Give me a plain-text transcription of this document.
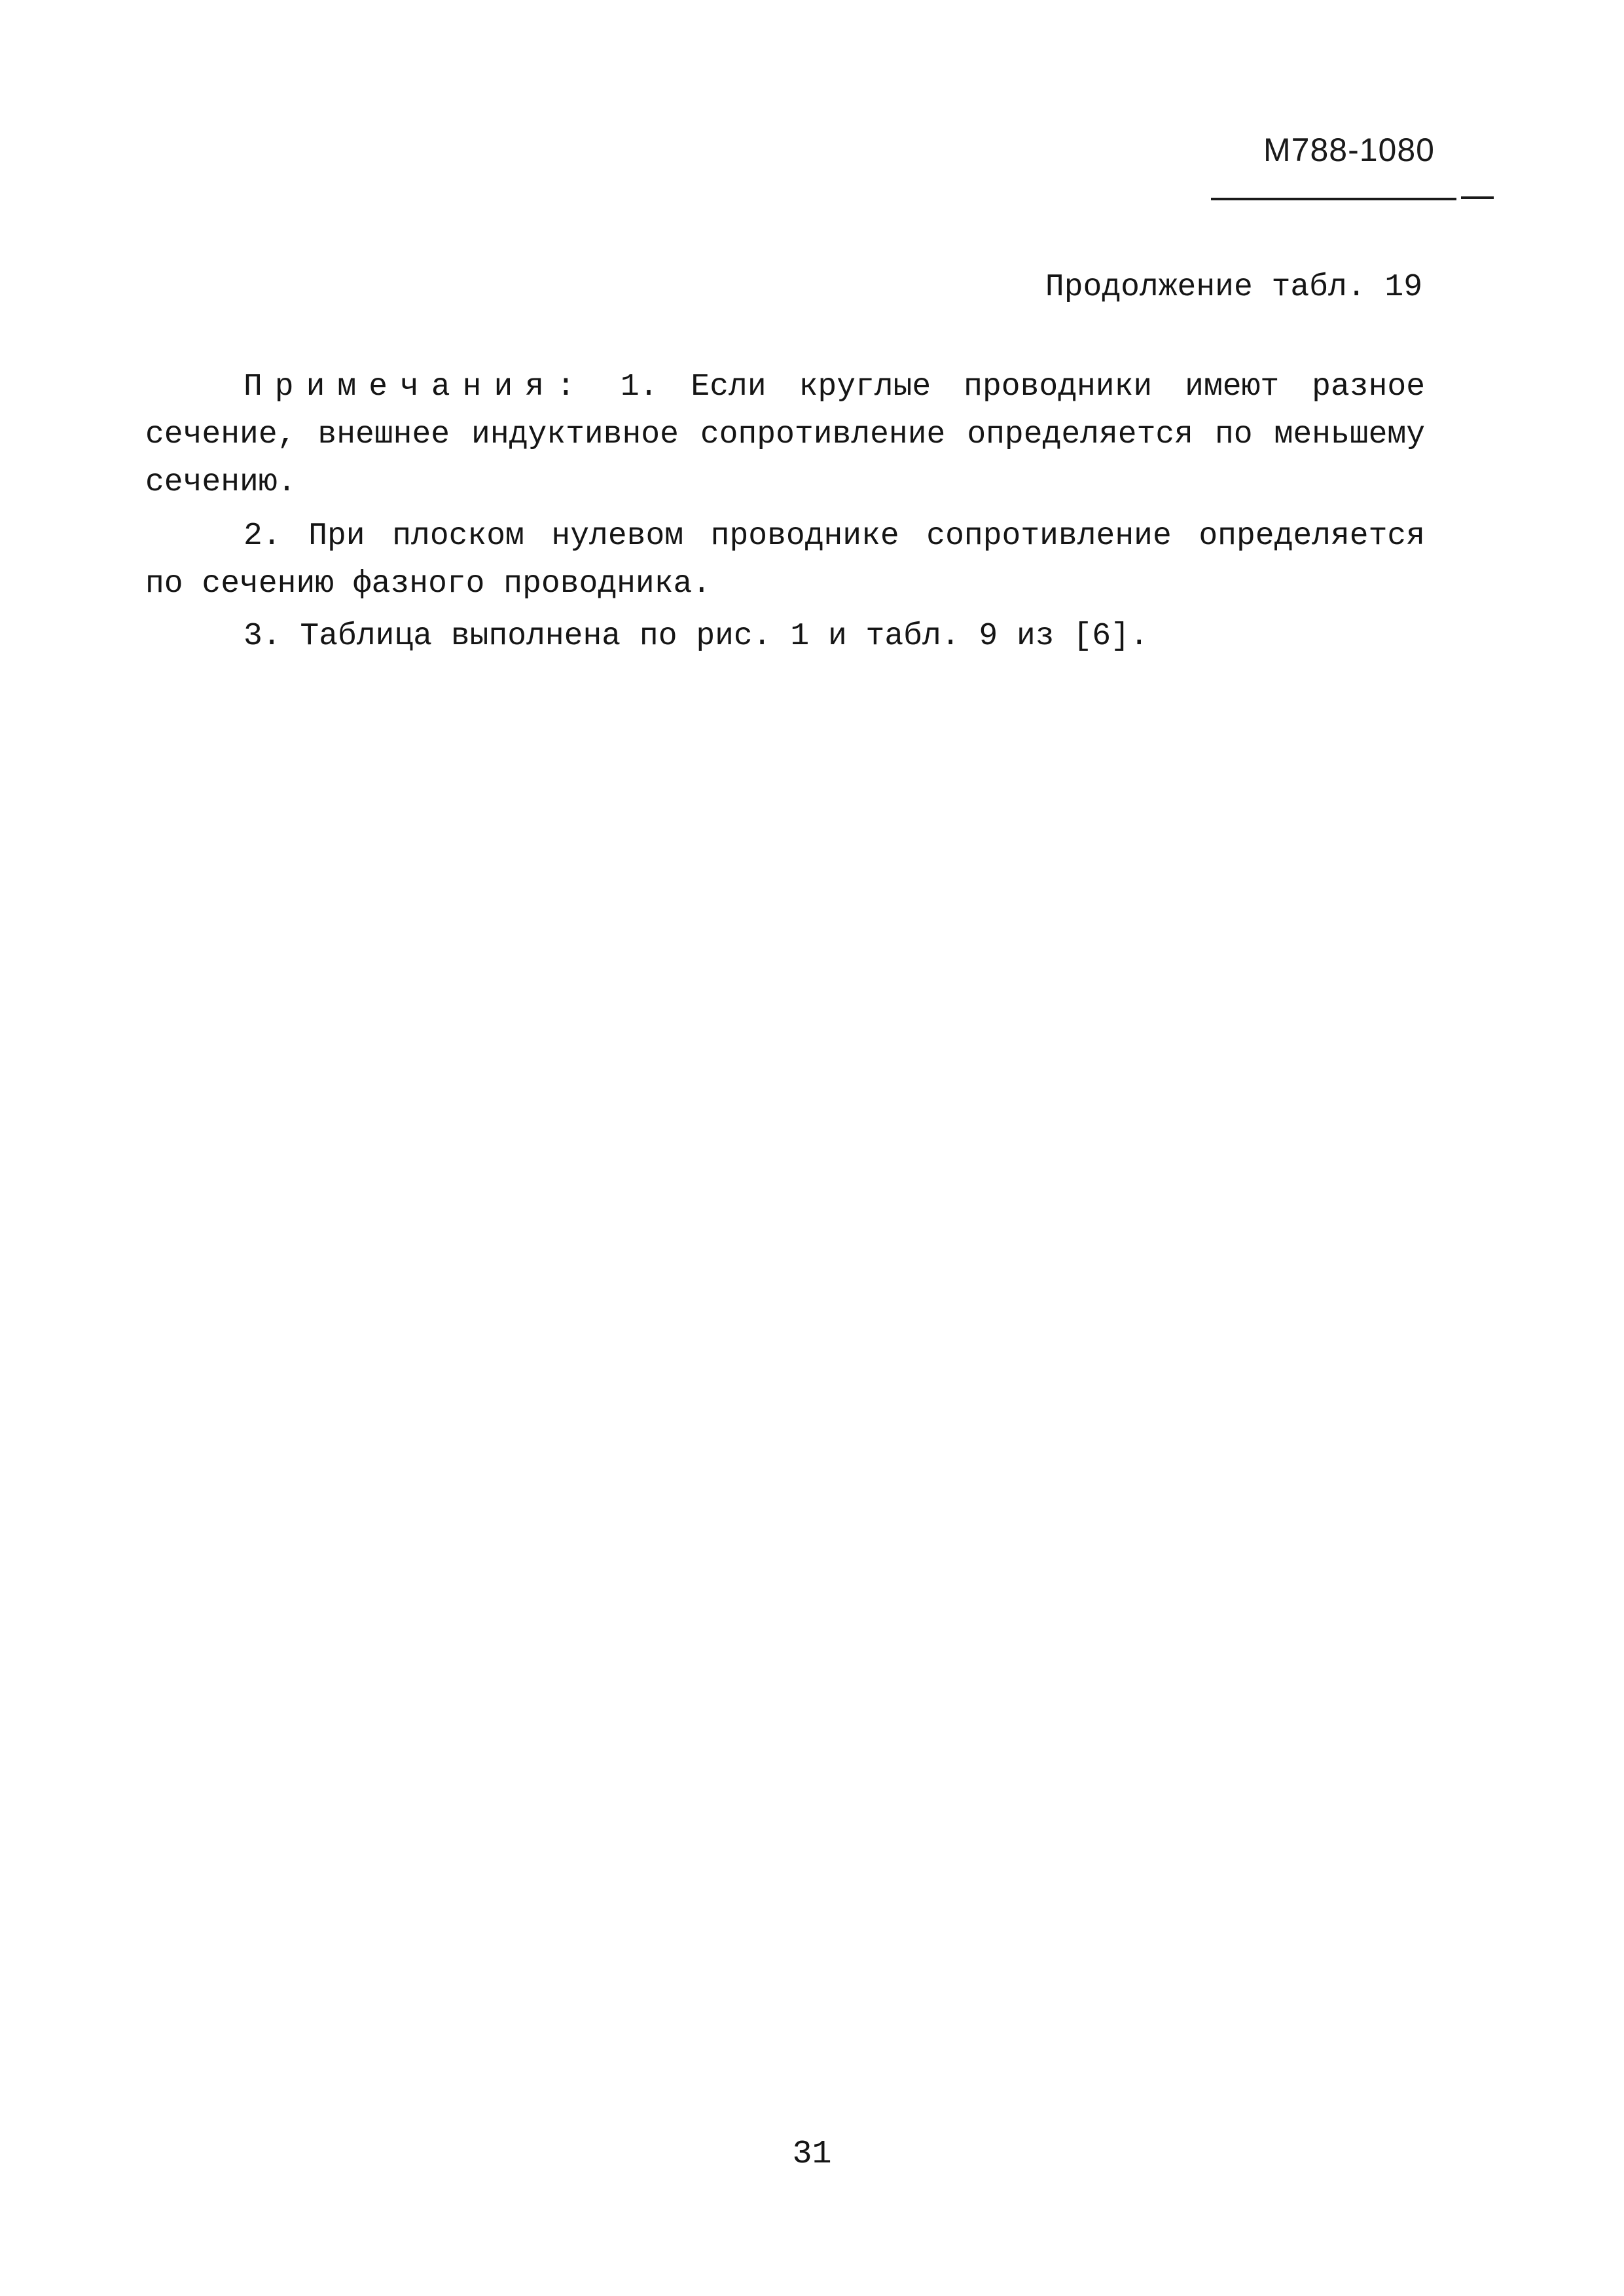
М788-1080
Продолжение табл. 19

Примечания: 1. Если круглые проводники имеют разное сечение, внешнее индуктивное сопротивление определяется по меньшему сечению.

2. При плоском нулевом проводнике сопротивление определяется по сечению фазного проводника.

3. Таблица выполнена по рис. 1 и табл. 9 из [6].

31
